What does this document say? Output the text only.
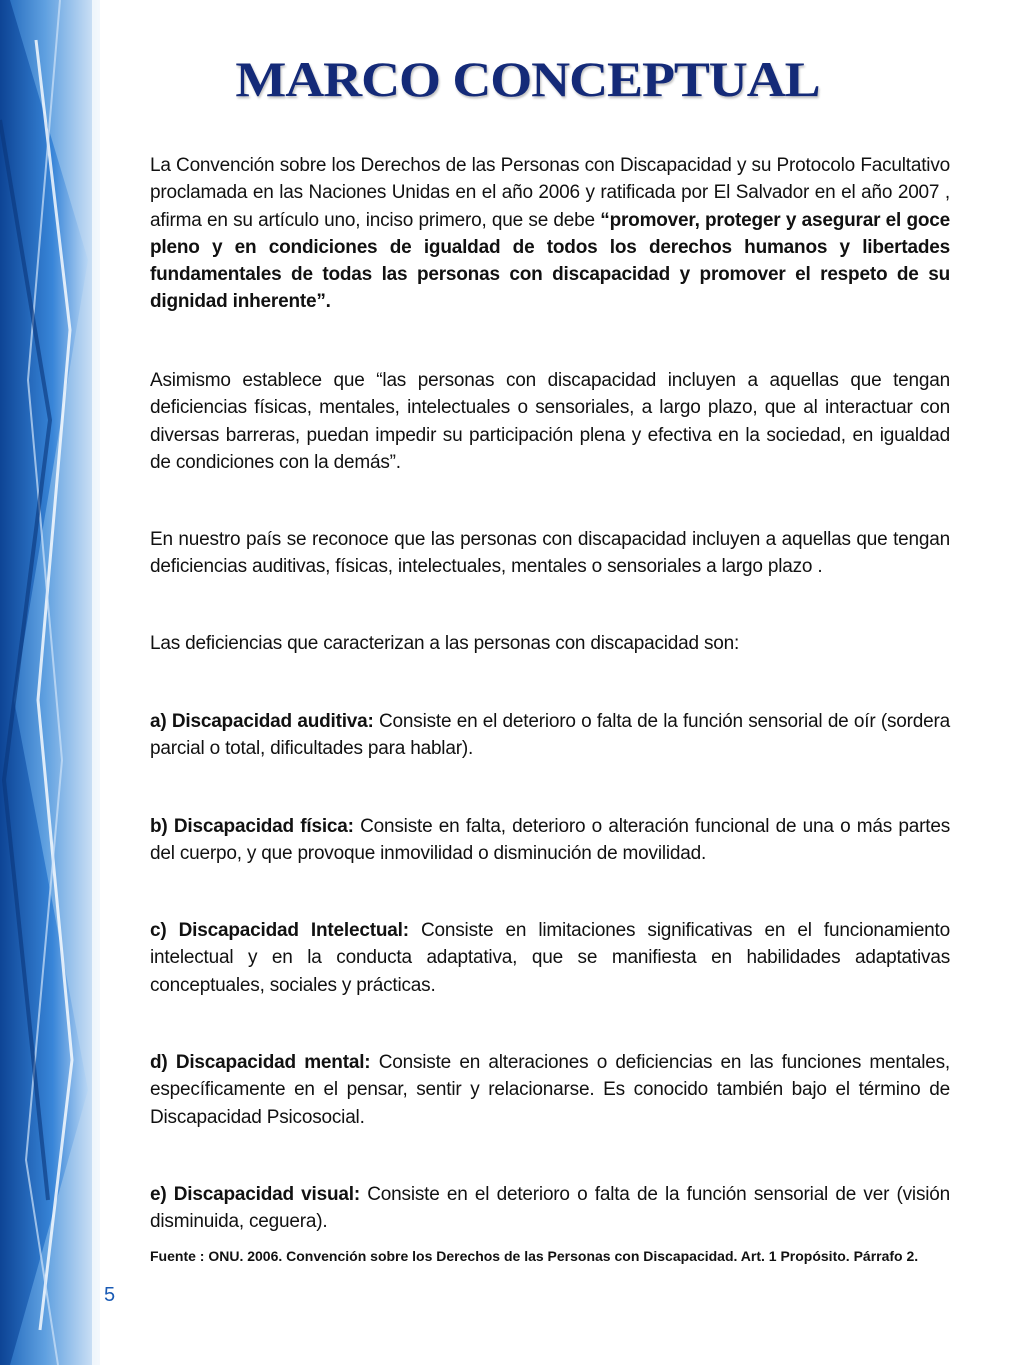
MARCO CONCEPTUAL

La Convención sobre los Derechos de las Personas con Discapacidad y su Protocolo Facultativo proclamada en las Naciones Unidas en el año 2006 y ratificada por El Salvador en el año 2007 , afirma en su artículo uno, inciso primero, que se debe “promover, proteger y asegurar el goce pleno y en condiciones de igualdad de todos los derechos humanos y libertades fundamentales de todas las personas con discapacidad y promover el respeto de su dignidad inherente”.

Asimismo establece que “las personas con discapacidad incluyen a aquellas que tengan deficiencias físicas, mentales, intelectuales o sensoriales, a largo plazo, que al interactuar con diversas barreras, puedan impedir su participación plena y efectiva en la sociedad, en igualdad de condiciones con la demás”.

En nuestro país se reconoce que las personas con discapacidad incluyen a aquellas que tengan deficiencias auditivas, físicas, intelectuales, mentales o sensoriales a largo plazo .

Las deficiencias que caracterizan a las personas con discapacidad son:

a) Discapacidad auditiva: Consiste en el deterioro o falta de la función sensorial de oír (sordera parcial o total, dificultades para hablar).

b) Discapacidad física: Consiste en falta, deterioro o alteración funcional de una o más partes del cuerpo, y que provoque inmovilidad o disminución de movilidad.

c) Discapacidad Intelectual: Consiste en limitaciones significativas en el funcionamiento intelectual y en la conducta adaptativa, que se manifiesta en habilidades adaptativas conceptuales, sociales y prácticas.

d) Discapacidad mental: Consiste en alteraciones o deficiencias en las funciones mentales, específicamente en el pensar, sentir y relacionarse. Es conocido también bajo el término de Discapacidad Psicosocial.

e) Discapacidad visual: Consiste en el deterioro o falta de la función sensorial de ver (visión disminuida, ceguera).

Fuente : ONU. 2006. Convención sobre los Derechos de las Personas con Discapacidad. Art. 1 Propósito. Párrafo 2.

5
